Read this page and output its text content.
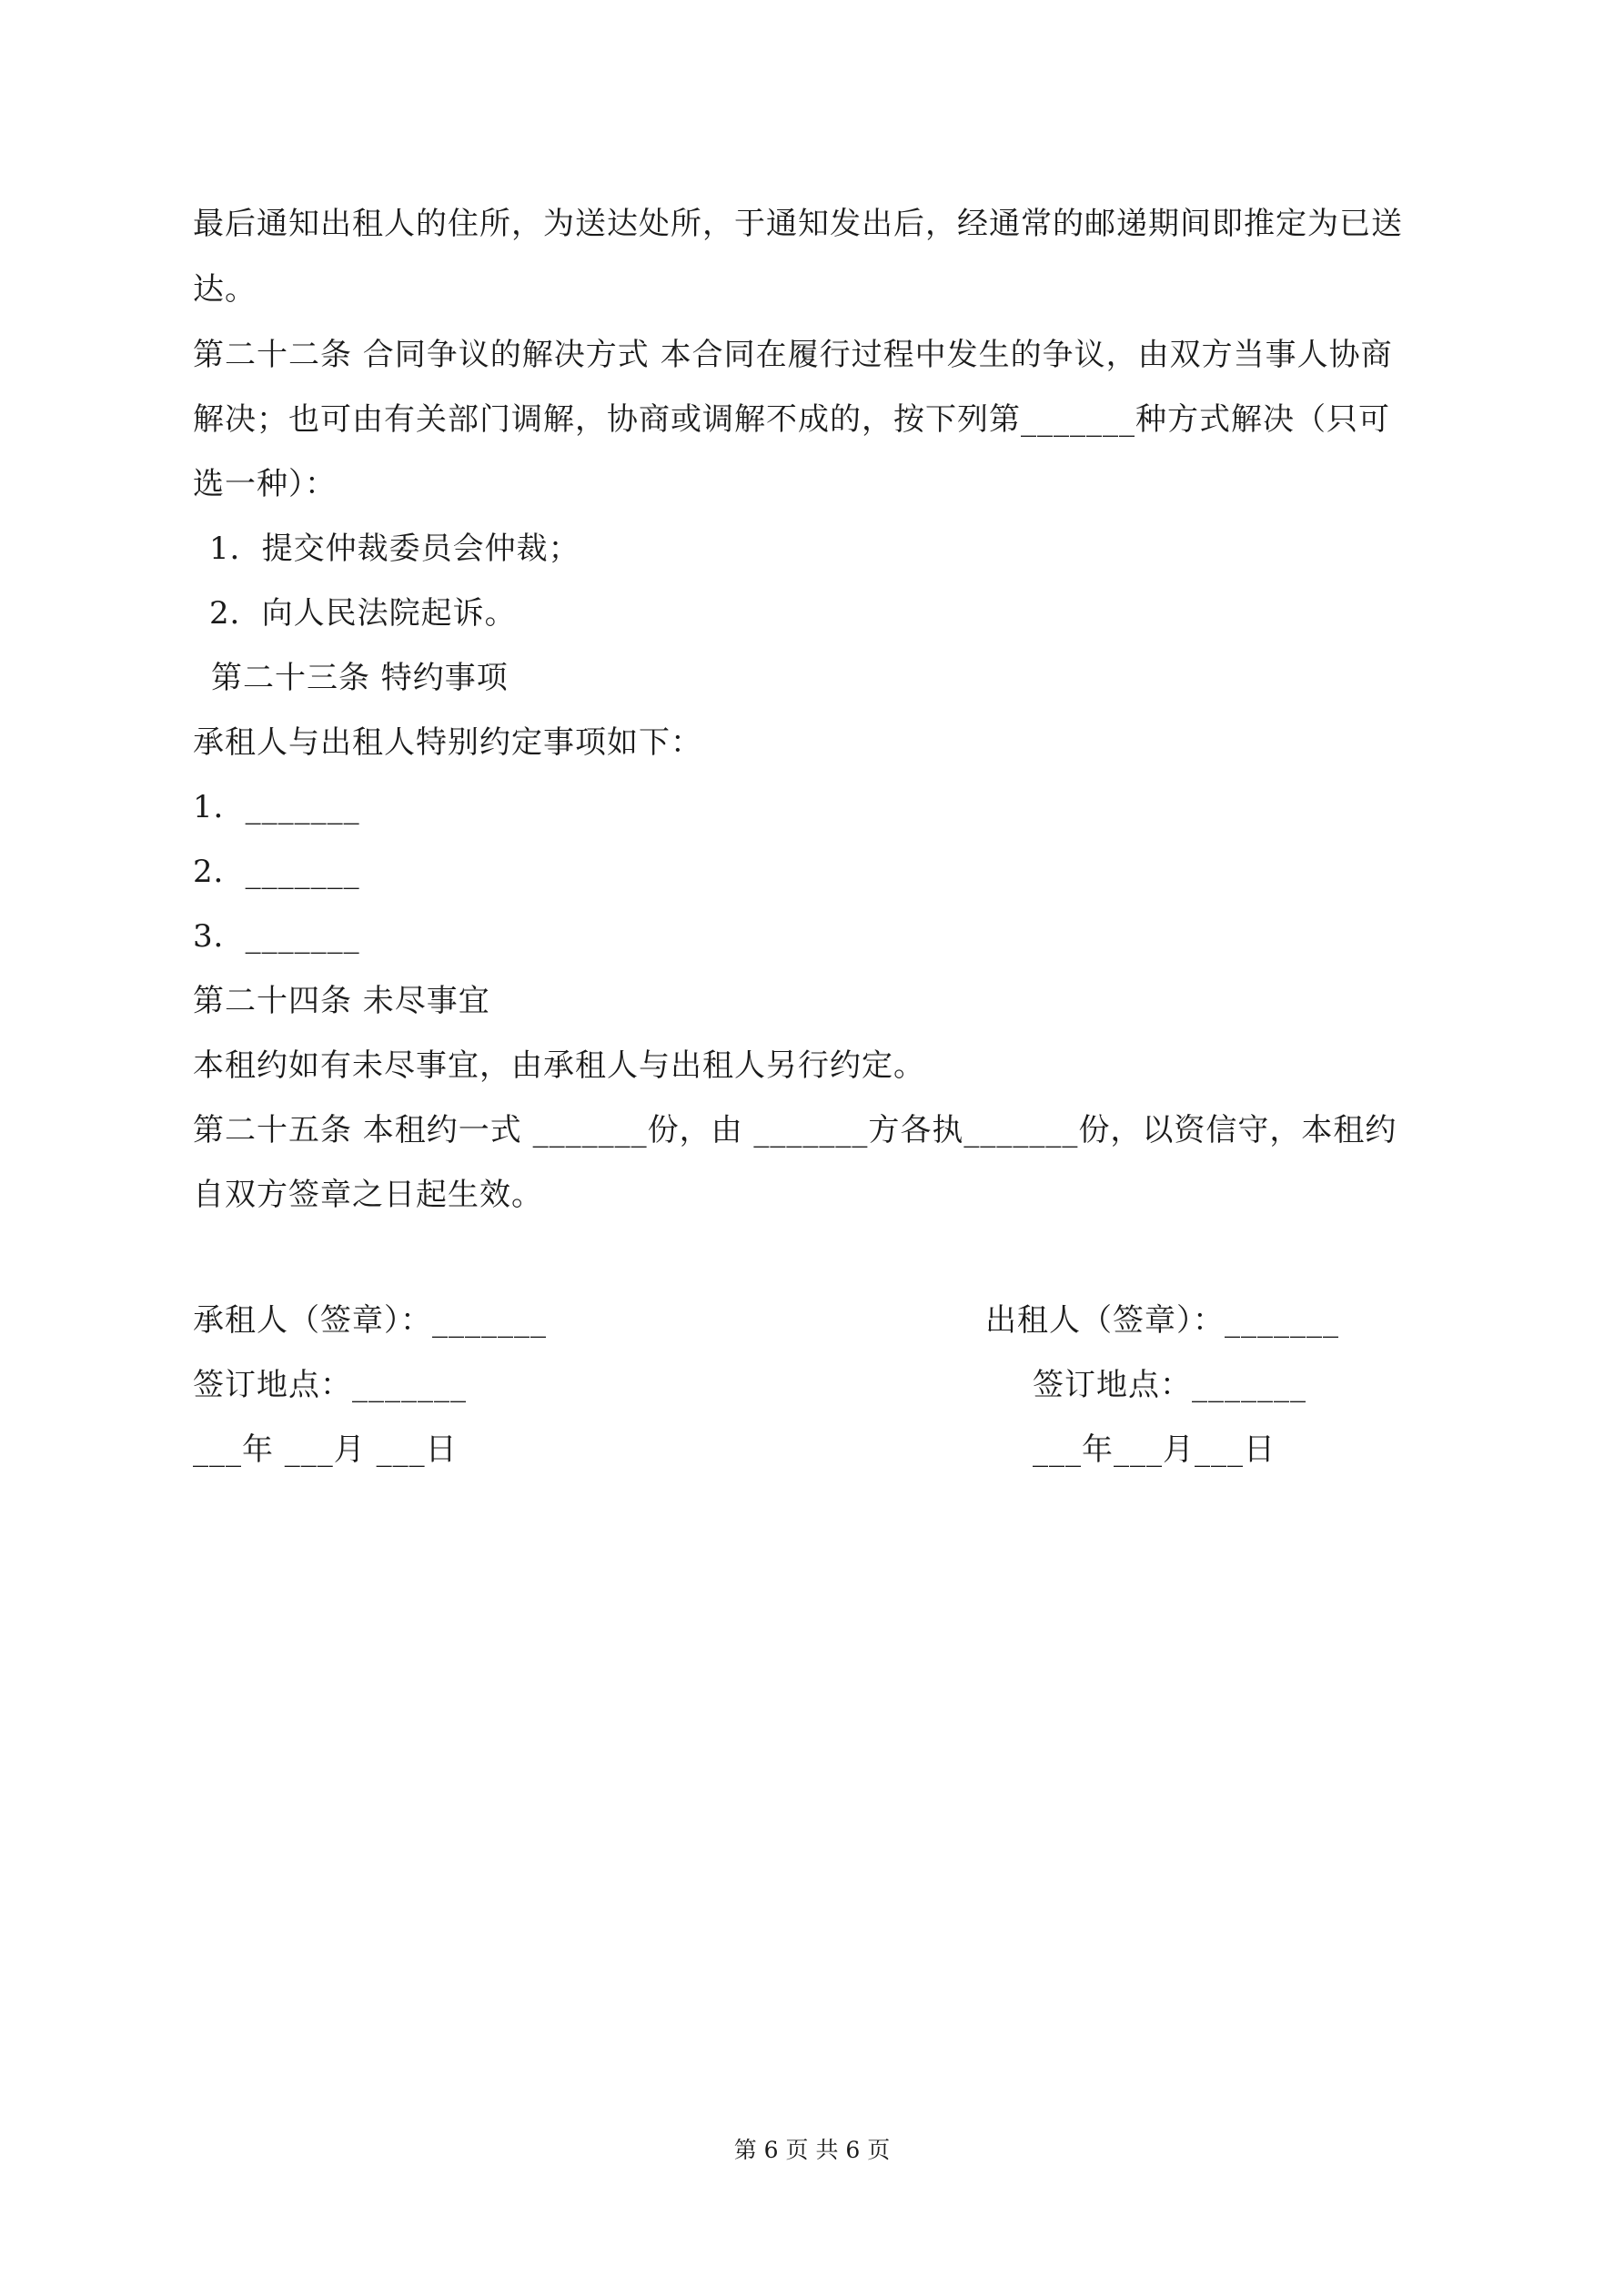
最后通知出租人的住所，为送达处所，于通知发出后，经通常的邮递期间即推定为已送
达。
第二十二条 合同争议的解决方式 本合同在履行过程中发生的争议，由双方当事人协商
解决；也可由有关部门调解，协商或调解不成的，按下列第_______种方式解决（只可
选一种）：
1．提交仲裁委员会仲裁；
2．向人民法院起诉。
第二十三条 特约事项
承租人与出租人特别约定事项如下：
1．_______
2．_______
3．_______
第二十四条 未尽事宜
本租约如有未尽事宜，由承租人与出租人另行约定。
第二十五条 本租约一式 _______份，由 _______方各执_______份，以资信守，本租约
自双方签章之日起生效。
承租人（签章）：_______	出租人（签章）：_______
签订地点：_______	签订地点：_______
___年 ___月 ___日	___年___月___日
第 6 页 共 6 页
